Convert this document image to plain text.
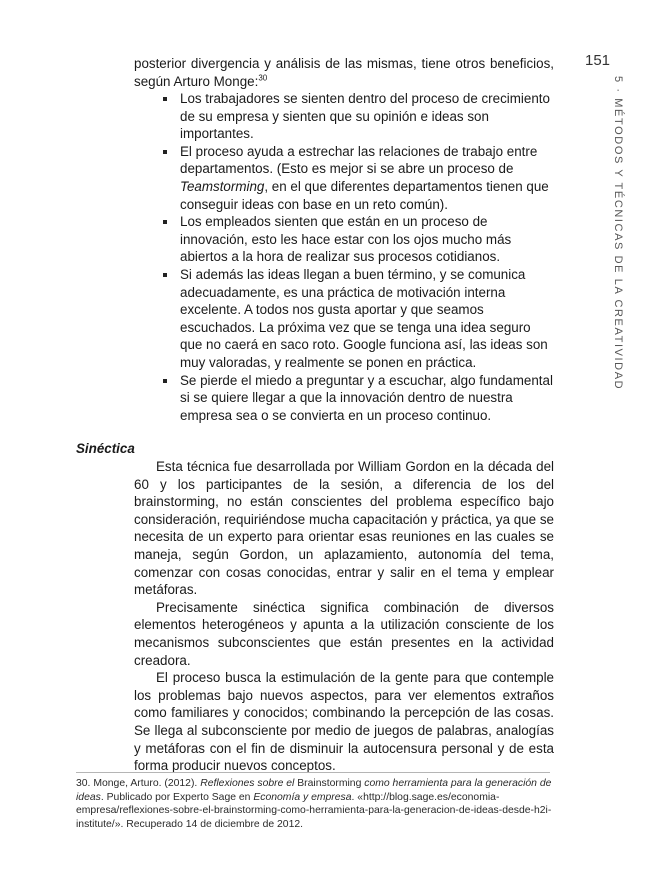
151
5 · MÉTODOS Y TÉCNICAS DE LA CREATIVIDAD

posterior divergencia y análisis de las mismas, tiene otros beneficios, según Arturo Monge:$^{30}$

Los trabajadores se sienten dentro del proceso de crecimiento de su empresa y sienten que su opinión e ideas son importantes.
El proceso ayuda a estrechar las relaciones de trabajo entre departamentos. (Esto es mejor si se abre un proceso de Teamstorming, en el que diferentes departamentos tienen que conseguir ideas con base en un reto común).
Los empleados sienten que están en un proceso de innovación, esto les hace estar con los ojos mucho más abiertos a la hora de realizar sus procesos cotidianos.
Si además las ideas llegan a buen término, y se comunica adecuadamente, es una práctica de motivación interna excelente. A todos nos gusta aportar y que seamos escuchados. La próxima vez que se tenga una idea seguro que no caerá en saco roto. Google funciona así, las ideas son muy valoradas, y realmente se ponen en práctica.
Se pierde el miedo a preguntar y a escuchar, algo fundamental si se quiere llegar a que la innovación dentro de nuestra empresa sea o se convierta en un proceso continuo.
Sinéctica

Esta técnica fue desarrollada por William Gordon en la década del 60 y los participantes de la sesión, a diferencia de los del brainstorming, no están conscientes del problema específico bajo consideración, requiriéndose mucha capacitación y práctica, ya que se necesita de un experto para orientar esas reuniones en las cuales se maneja, según Gordon, un aplazamiento, autonomía del tema, comenzar con cosas conocidas, entrar y salir en el tema y emplear metáforas.

Precisamente sinéctica significa combinación de diversos elementos heterogéneos y apunta a la utilización consciente de los mecanismos subconscientes que están presentes en la actividad creadora.

El proceso busca la estimulación de la gente para que contemple los problemas bajo nuevos aspectos, para ver elementos extraños como familiares y conocidos; combinando la percepción de las cosas. Se llega al subconsciente por medio de juegos de palabras, analogías y metáforas con el fin de disminuir la autocensura personal y de esta forma producir nuevos conceptos.

30. Monge, Arturo. (2012). Reflexiones sobre el Brainstorming como herramienta para la generación de ideas. Publicado por Experto Sage en Economía y empresa. «http://blog.sage.es/economia-empresa/reflexiones-sobre-el-brainstorming-como-herramienta-para-la-generacion-de-ideas-desde-h2i-institute/». Recuperado 14 de diciembre de 2012.
